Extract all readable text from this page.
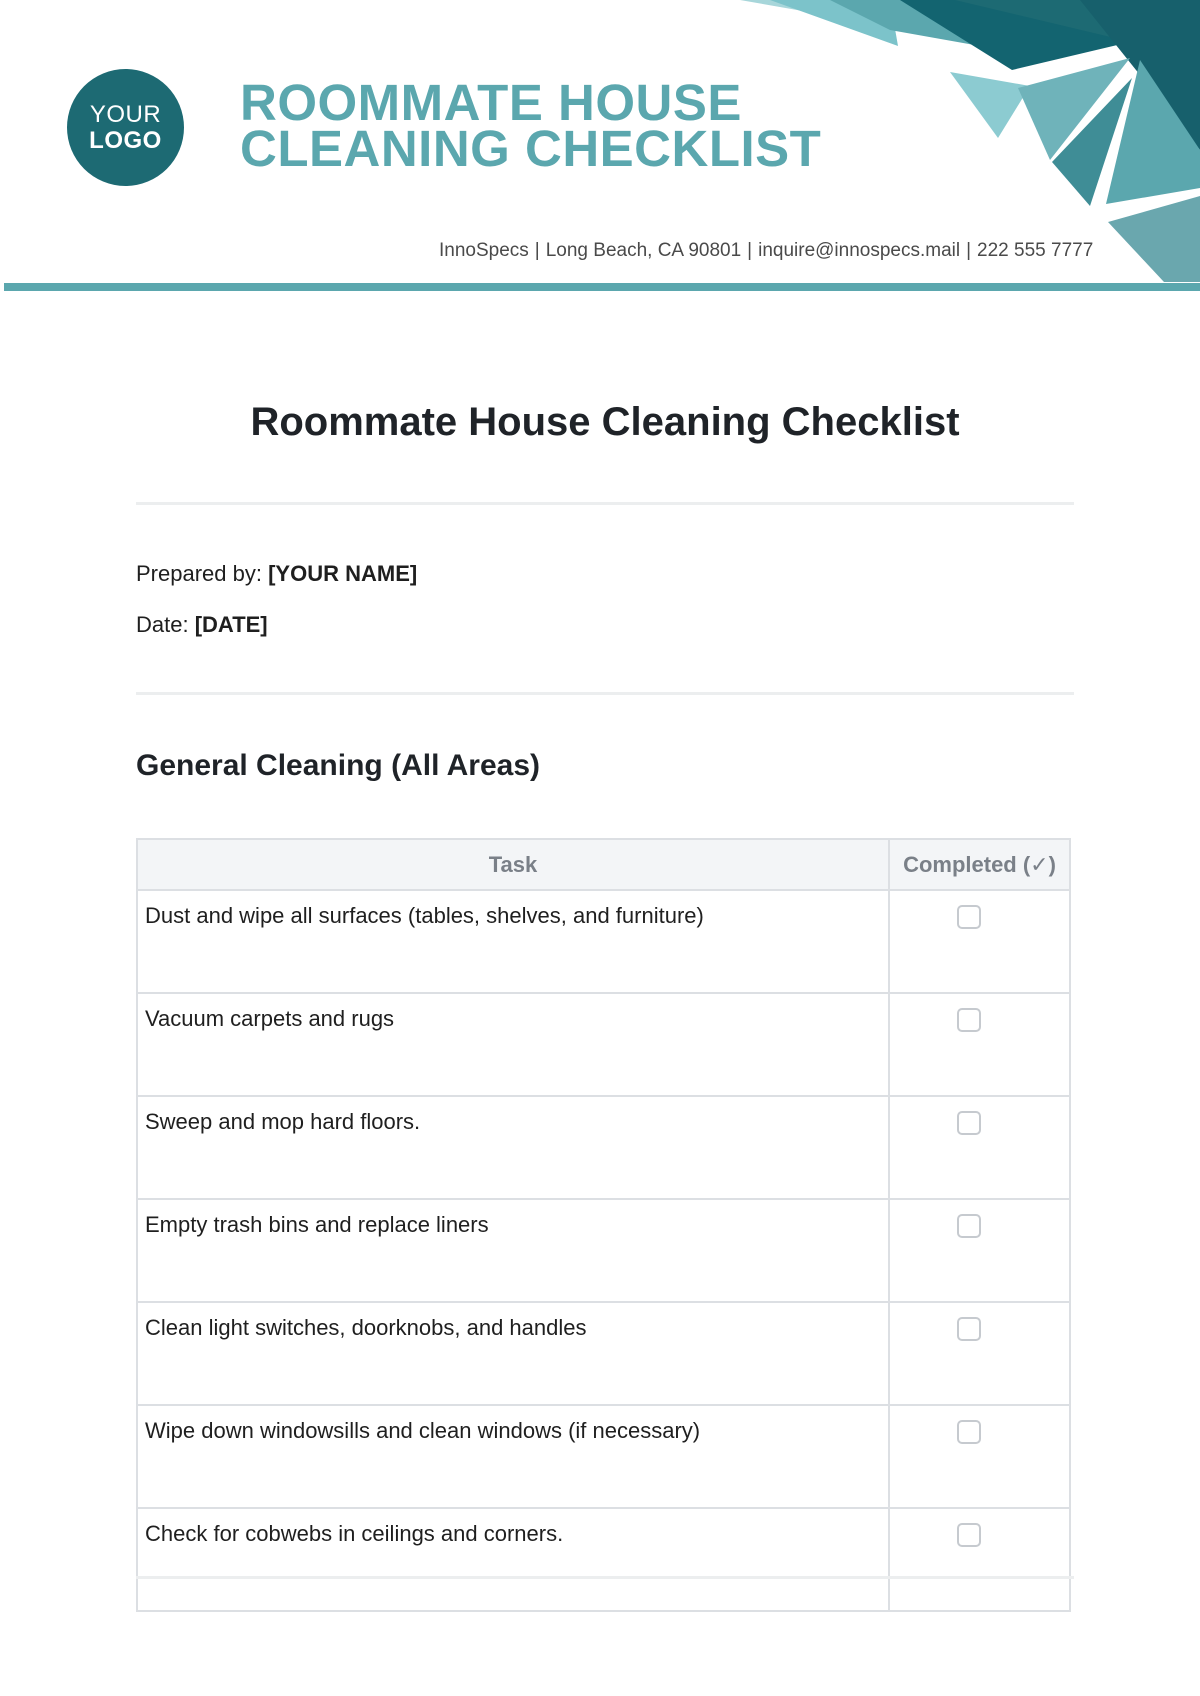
YOUR
LOGO
ROOMMATE HOUSE
CLEANING CHECKLIST
InnoSpecs | Long Beach, CA 90801 | inquire@innospecs.mail | 222 555 7777
Roommate House Cleaning Checklist
Prepared by: [YOUR NAME]
Date: [DATE]
General Cleaning (All Areas)
Task	Completed (✓)
Dust and wipe all surfaces (tables, shelves, and furniture)	
Vacuum carpets and rugs	
Sweep and mop hard floors.	
Empty trash bins and replace liners	
Clean light switches, doorknobs, and handles	
Wipe down windowsills and clean windows (if necessary)	
Check for cobwebs in ceilings and corners.	
